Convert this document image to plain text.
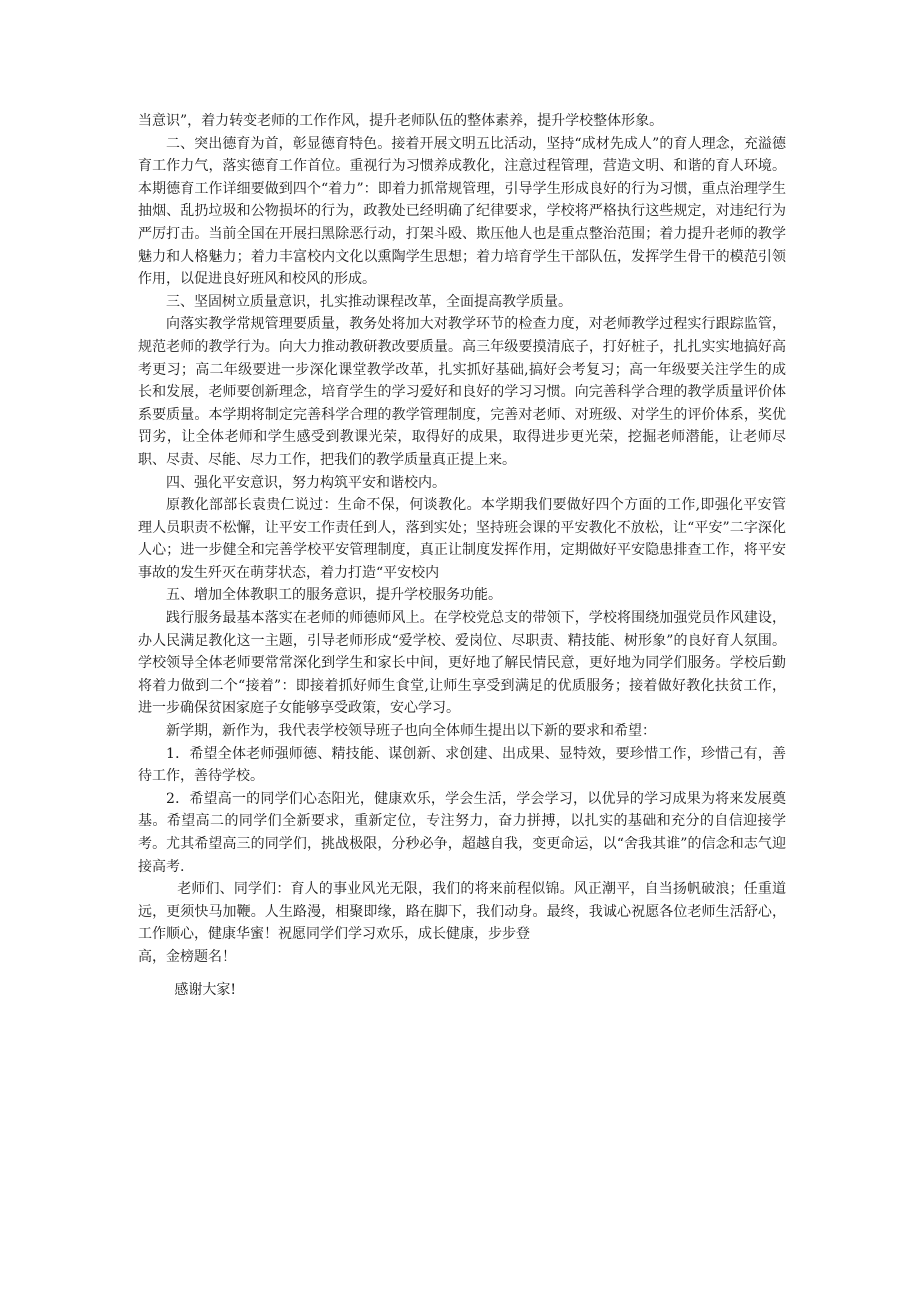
当意识”，着力转变老师的工作作风，提升老师队伍的整体素养，提升学校整体形象。

二、突出德育为首，彰显德育特色。接着开展文明五比活动，坚持“成材先成人”的育人理念，充溢德育工作力气，落实德育工作首位。重视行为习惯养成教化，注意过程管理，营造文明、和谐的育人环境。本期德育工作详细要做到四个“着力”：即着力抓常规管理，引导学生形成良好的行为习惯，重点治理学生抽烟、乱扔垃圾和公物损坏的行为，政教处已经明确了纪律要求，学校将严格执行这些规定，对违纪行为严厉打击。当前全国在开展扫黑除恶行动，打架斗殴、欺压他人也是重点整治范围；着力提升老师的教学魅力和人格魅力；着力丰富校内文化以熏陶学生思想；着力培育学生干部队伍，发挥学生骨干的模范引领作用，以促进良好班风和校风的形成。

三、坚固树立质量意识，扎实推动课程改革，全面提高教学质量。

向落实教学常规管理要质量，教务处将加大对教学环节的检查力度，对老师教学过程实行跟踪监管，规范老师的教学行为。向大力推动教研教改要质量。高三年级要摸清底子，打好桩子，扎扎实实地搞好高考更习；高二年级要进一步深化课堂教学改革，扎实抓好基础,搞好会考复习；高一年级要关注学生的成长和发展，老师要创新理念，培育学生的学习爱好和良好的学习习惯。向完善科学合理的教学质量评价体系要质量。本学期将制定完善科学合理的教学管理制度，完善对老师、对班级、对学生的评价体系，奖优罚劣，让全体老师和学生感受到教课光荣，取得好的成果，取得进步更光荣，挖掘老师潜能，让老师尽职、尽责、尽能、尽力工作，把我们的教学质量真正提上来。

四、强化平安意识，努力构筑平安和谐校内。

原教化部部长袁贵仁说过：生命不保，何谈教化。本学期我们要做好四个方面的工作,即强化平安管理人员职责不松懈，让平安工作责任到人，落到实处；坚持班会课的平安教化不放松，让“平安”二字深化人心；进一步健全和完善学校平安管理制度，真正让制度发挥作用，定期做好平安隐患排查工作，将平安事故的发生歼灭在萌芽状态，着力打造“平安校内

五、增加全体教职工的服务意识，提升学校服务功能。

践行服务最基本落实在老师的师德师风上。在学校党总支的带领下，学校将围绕加强党员作风建设，办人民满足教化这一主题，引导老师形成“爱学校、爱岗位、尽职责、精技能、树形象”的良好育人氛围。学校领导全体老师要常常深化到学生和家长中间，更好地了解民情民意，更好地为同学们服务。学校后勤将着力做到二个“接着”：即接着抓好师生食堂,让师生享受到满足的优质服务；接着做好教化扶贫工作，进一步确保贫困家庭子女能够享受政策，安心学习。

新学期，新作为，我代表学校领导班子也向全体师生提出以下新的要求和希望：

1．希望全体老师强师德、精技能、谋创新、求创建、出成果、显特效，要珍惜工作，珍惜己有，善待工作，善待学校。

2．希望高一的同学们心态阳光，健康欢乐，学会生活，学会学习，以优异的学习成果为将来发展奠基。希望高二的同学们全新要求，重新定位，专注努力，奋力拼搏，以扎实的基础和充分的自信迎接学考。尤其希望高三的同学们，挑战极限，分秒必争，超越自我，变更命运，以“舍我其谁”的信念和志气迎接高考.

老师们、同学们：育人的事业风光无限，我们的将来前程似锦。风正潮平，自当扬帆破浪；任重道远，更须快马加鞭。人生路漫，相聚即缘，路在脚下，我们动身。最终，我诚心祝愿各位老师生活舒心，工作顺心，健康华蜜！祝愿同学们学习欢乐，成长健康，步步登

高，金榜题名！

感谢大家!
